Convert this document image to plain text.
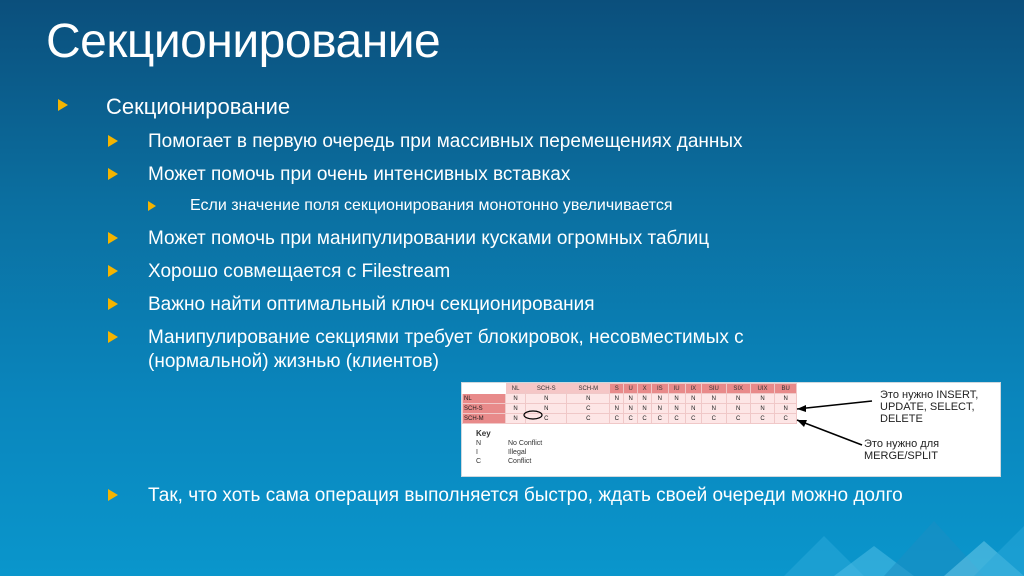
Секционирование
Секционирование
Помогает в первую очередь при массивных перемещениях данных
Может помочь при очень интенсивных вставках
Если значение поля секционирования монотонно увеличивается
Может помочь при манипулировании кусками огромных таблиц
Хорошо совмещается с Filestream
Важно найти оптимальный ключ секционирования
Манипулирование секциями требует блокировок, несовместимых с (нормальной) жизнью (клиентов)
Так, что хоть сама операция выполняется быстро, ждать своей очереди можно долго
	NL	SCH-S	SCH-M	S	U	X	IS	IU	IX	SIU	SIX	UIX	BU
NL	N	N	N	N	N	N	N	N	N	N	N	N	N
SCH-S	N	N	C	N	N	N	N	N	N	N	N	N	N
SCH-M	N	C	C	C	C	C	C	C	C	C	C	C	C
Key
N	No Conflict
I	Illegal
C	Conflict
Это нужно INSERT, UPDATE, SELECT, DELETE
Это нужно для MERGE/SPLIT
